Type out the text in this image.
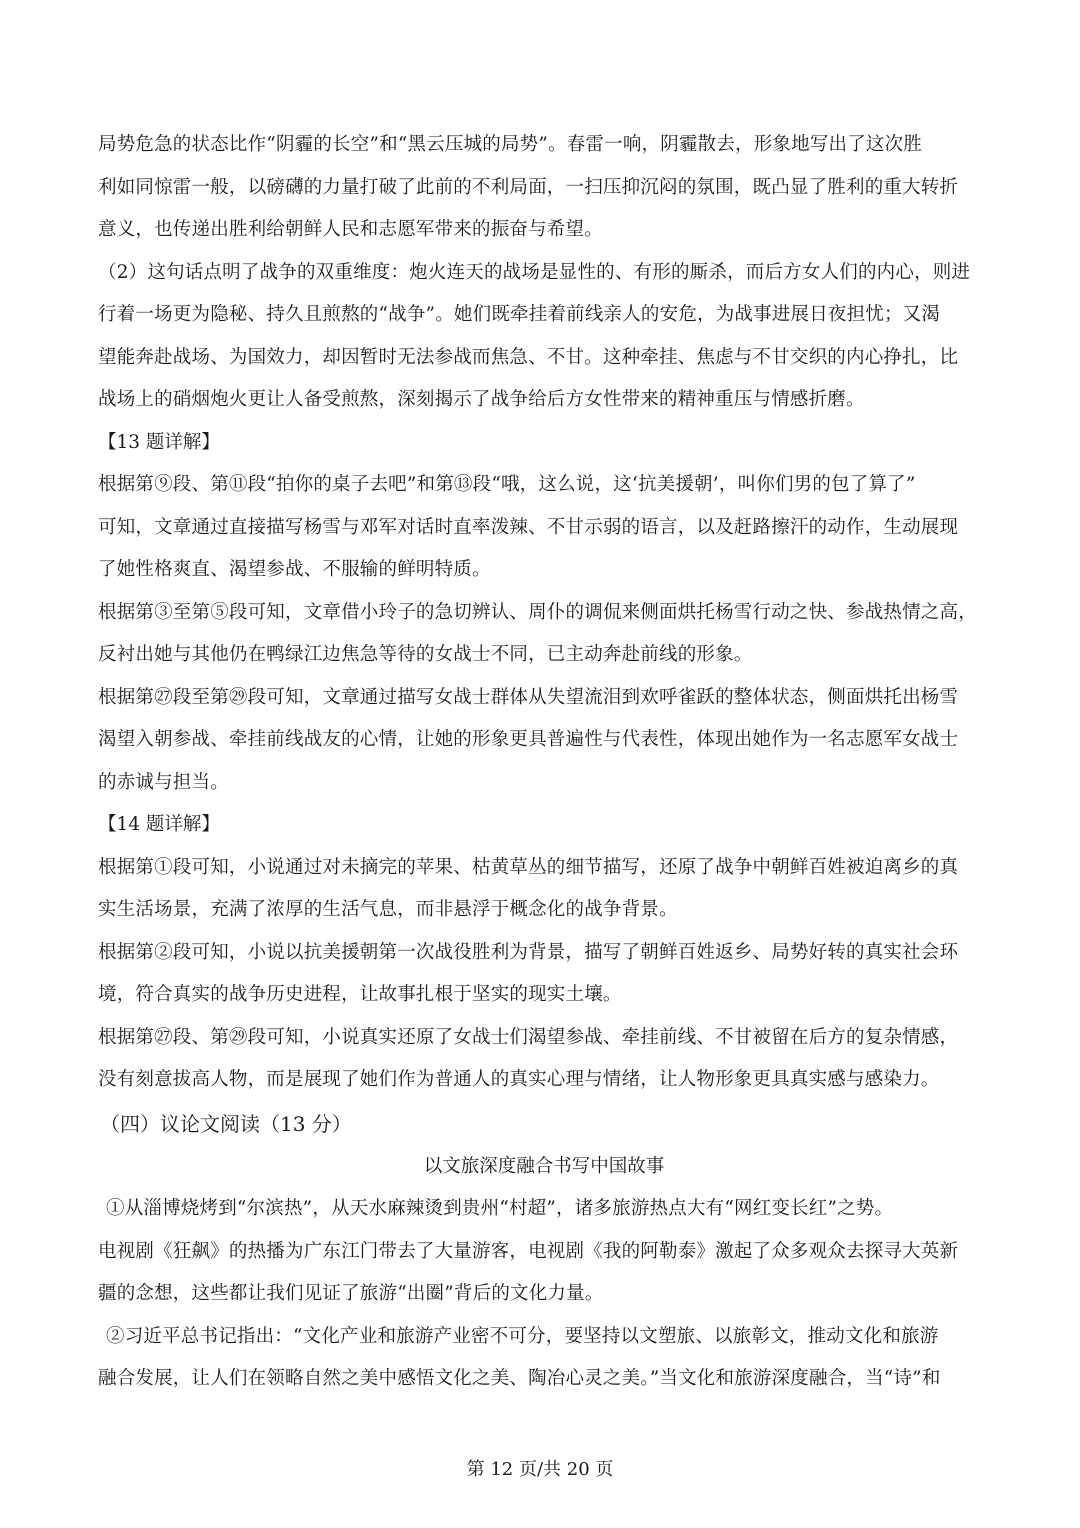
局势危急的状态比作“阴霾的长空”和“黑云压城的局势”。春雷一响，阴霾散去，形象地写出了这次胜
利如同惊雷一般，以磅礴的力量打破了此前的不利局面，一扫压抑沉闷的氛围，既凸显了胜利的重大转折
意义，也传递出胜利给朝鲜人民和志愿军带来的振奋与希望。
（2）这句话点明了战争的双重维度：炮火连天的战场是显性的、有形的厮杀，而后方女人们的内心，则进
行着一场更为隐秘、持久且煎熬的“战争”。她们既牵挂着前线亲人的安危，为战事进展日夜担忧；又渴
望能奔赴战场、为国效力，却因暂时无法参战而焦急、不甘。这种牵挂、焦虑与不甘交织的内心挣扎，比
战场上的硝烟炮火更让人备受煎熬，深刻揭示了战争给后方女性带来的精神重压与情感折磨。
【13 题详解】
根据第⑨段、第⑪段“拍你的桌子去吧”和第⑬段“哦，这么说，这‘抗美援朝’，叫你们男的包了算了”
可知，文章通过直接描写杨雪与邓军对话时直率泼辣、不甘示弱的语言，以及赶路擦汗的动作，生动展现
了她性格爽直、渴望参战、不服输的鲜明特质。
根据第③至第⑤段可知，文章借小玲子的急切辨认、周仆的调侃来侧面烘托杨雪行动之快、参战热情之高，
反衬出她与其他仍在鸭绿江边焦急等待的女战士不同，已主动奔赴前线的形象。
根据第㉗段至第㉙段可知，文章通过描写女战士群体从失望流泪到欢呼雀跃的整体状态，侧面烘托出杨雪
渴望入朝参战、牵挂前线战友的心情，让她的形象更具普遍性与代表性，体现出她作为一名志愿军女战士
的赤诚与担当。
【14 题详解】
根据第①段可知，小说通过对未摘完的苹果、枯黄草丛的细节描写，还原了战争中朝鲜百姓被迫离乡的真
实生活场景，充满了浓厚的生活气息，而非悬浮于概念化的战争背景。
根据第②段可知，小说以抗美援朝第一次战役胜利为背景，描写了朝鲜百姓返乡、局势好转的真实社会环
境，符合真实的战争历史进程，让故事扎根于坚实的现实土壤。
根据第㉗段、第㉙段可知，小说真实还原了女战士们渴望参战、牵挂前线、不甘被留在后方的复杂情感，
没有刻意拔高人物，而是展现了她们作为普通人的真实心理与情绪，让人物形象更具真实感与感染力。
（四）议论文阅读（13 分）
以文旅深度融合书写中国故事
①从淄博烧烤到“尔滨热”，从天水麻辣烫到贵州“村超”，诸多旅游热点大有“网红变长红”之势。
电视剧《狂飙》的热播为广东江门带去了大量游客，电视剧《我的阿勒泰》激起了众多观众去探寻大英新
疆的念想，这些都让我们见证了旅游“出圈”背后的文化力量。
②习近平总书记指出：“文化产业和旅游产业密不可分，要坚持以文塑旅、以旅彰文，推动文化和旅游
融合发展，让人们在领略自然之美中感悟文化之美、陶冶心灵之美。”当文化和旅游深度融合，当“诗”和
第 12 页/共 20 页
